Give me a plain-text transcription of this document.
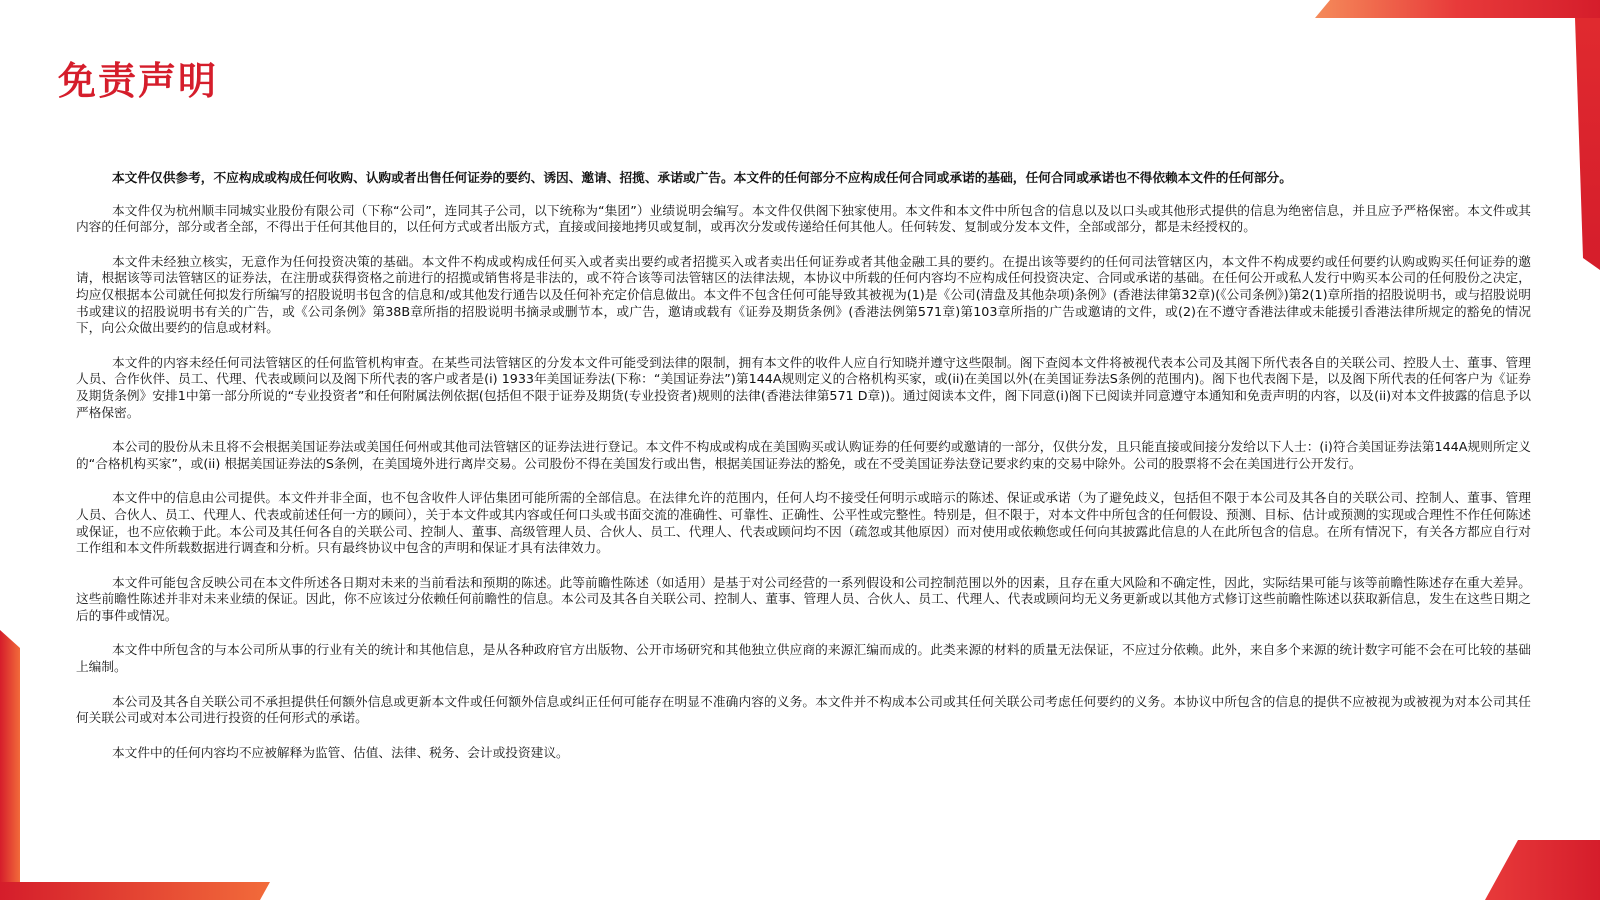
免责声明

本文件仅供参考，不应构成或构成任何收购、认购或者出售任何证券的要约、诱因、邀请、招揽、承诺或广告。本文件的任何部分不应构成任何合同或承诺的基础，任何合同或承诺也不得依赖本文件的任何部分。

本文件仅为杭州顺丰同城实业股份有限公司（下称“公司”，连同其子公司，以下统称为“集团”）业绩说明会编写。本文件仅供阁下独家使用。本文件和本文件中所包含的信息以及以口头或其他形式提供的信息为绝密信息，并且应予严格保密。本文件或其内容的任何部分，部分或者全部，不得出于任何其他目的，以任何方式或者出版方式，直接或间接地拷贝或复制，或再次分发或传递给任何其他人。任何转发、复制或分发本文件，全部或部分，都是未经授权的。

本文件未经独立核实，无意作为任何投资决策的基础。本文件不构成或构成任何买入或者卖出要约或者招揽买入或者卖出任何证券或者其他金融工具的要约。在提出该等要约的任何司法管辖区内，本文件不构成要约或任何要约认购或购买任何证券的邀请，根据该等司法管辖区的证券法，在注册或获得资格之前进行的招揽或销售将是非法的，或不符合该等司法管辖区的法律法规，本协议中所载的任何内容均不应构成任何投资决定、合同或承诺的基础。在任何公开或私人发行中购买本公司的任何股份之决定，均应仅根据本公司就任何拟发行所编写的招股说明书包含的信息和/或其他发行通告以及任何补充定价信息做出。本文件不包含任何可能导致其被视为(1)是《公司(清盘及其他杂项)条例》(香港法律第32章)(《公司条例》)第2(1)章所指的招股说明书，或与招股说明书或建议的招股说明书有关的广告，或《公司条例》第38B章所指的招股说明书摘录或删节本，或广告，邀请或载有《证券及期货条例》(香港法例第571章)第103章所指的广告或邀请的文件，或(2)在不遵守香港法律或未能援引香港法律所规定的豁免的情况下，向公众做出要约的信息或材料。

本文件的内容未经任何司法管辖区的任何监管机构审查。在某些司法管辖区的分发本文件可能受到法律的限制，拥有本文件的收件人应自行知晓并遵守这些限制。阁下查阅本文件将被视代表本公司及其阁下所代表各自的关联公司、控股人士、董事、管理人员、合作伙伴、员工、代理、代表或顾问以及阁下所代表的客户或者是(i) 1933年美国证券法(下称：“美国证券法”)第144A规则定义的合格机构买家，或(ii)在美国以外(在美国证券法S条例的范围内)。阁下也代表阁下是，以及阁下所代表的任何客户为《证券及期货条例》安排1中第一部分所说的“专业投资者”和任何附属法例依据(包括但不限于证券及期货(专业投资者)规则的法律(香港法律第571 D章))。通过阅读本文件，阁下同意(i)阁下已阅读并同意遵守本通知和免责声明的内容，以及(ii)对本文件披露的信息予以严格保密。

本公司的股份从未且将不会根据美国证券法或美国任何州或其他司法管辖区的证券法进行登记。本文件不构成或构成在美国购买或认购证券的任何要约或邀请的一部分，仅供分发，且只能直接或间接分发给以下人士：(i)符合美国证券法第144A规则所定义的“合格机构买家”，或(ii) 根据美国证券法的S条例，在美国境外进行离岸交易。公司股份不得在美国发行或出售，根据美国证券法的豁免，或在不受美国证券法登记要求约束的交易中除外。公司的股票将不会在美国进行公开发行。

本文件中的信息由公司提供。本文件并非全面，也不包含收件人评估集团可能所需的全部信息。在法律允许的范围内，任何人均不接受任何明示或暗示的陈述、保证或承诺（为了避免歧义，包括但不限于本公司及其各自的关联公司、控制人、董事、管理人员、合伙人、员工、代理人、代表或前述任何一方的顾问），关于本文件或其内容或任何口头或书面交流的准确性、可靠性、正确性、公平性或完整性。特别是，但不限于，对本文件中所包含的任何假设、预测、目标、估计或预测的实现或合理性不作任何陈述或保证，也不应依赖于此。本公司及其任何各自的关联公司、控制人、董事、高级管理人员、合伙人、员工、代理人、代表或顾问均不因（疏忽或其他原因）而对使用或依赖您或任何向其披露此信息的人在此所包含的信息。在所有情况下，有关各方都应自行对工作组和本文件所载数据进行调查和分析。只有最终协议中包含的声明和保证才具有法律效力。

本文件可能包含反映公司在本文件所述各日期对未来的当前看法和预期的陈述。此等前瞻性陈述（如适用）是基于对公司经营的一系列假设和公司控制范围以外的因素，且存在重大风险和不确定性，因此，实际结果可能与该等前瞻性陈述存在重大差异。这些前瞻性陈述并非对未来业绩的保证。因此，你不应该过分依赖任何前瞻性的信息。本公司及其各自关联公司、控制人、董事、管理人员、合伙人、员工、代理人、代表或顾问均无义务更新或以其他方式修订这些前瞻性陈述以获取新信息，发生在这些日期之后的事件或情况。

本文件中所包含的与本公司所从事的行业有关的统计和其他信息，是从各种政府官方出版物、公开市场研究和其他独立供应商的来源汇编而成的。此类来源的材料的质量无法保证，不应过分依赖。此外，来自多个来源的统计数字可能不会在可比较的基础上编制。

本公司及其各自关联公司不承担提供任何额外信息或更新本文件或任何额外信息或纠正任何可能存在明显不准确内容的义务。本文件并不构成本公司或其任何关联公司考虑任何要约的义务。本协议中所包含的信息的提供不应被视为或被视为对本公司其任何关联公司或对本公司进行投资的任何形式的承诺。

本文件中的任何内容均不应被解释为监管、估值、法律、税务、会计或投资建议。
